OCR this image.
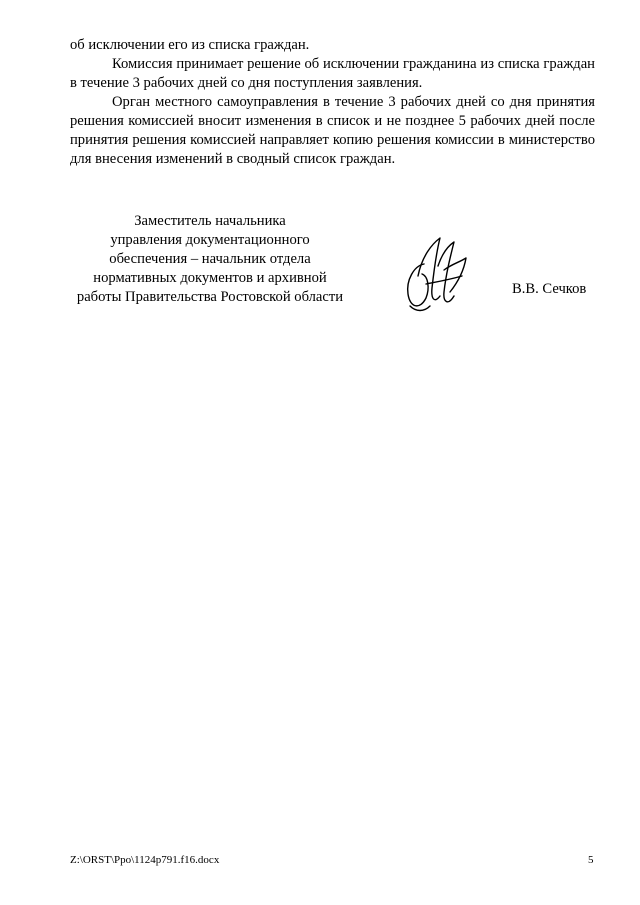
об исключении его из списка граждан.

Комиссия принимает решение об исключении гражданина из списка граждан в течение 3 рабочих дней со дня поступления заявления.

Орган местного самоуправления в течение 3 рабочих дней со дня принятия решения комиссией вносит изменения в список и не позднее 5 рабочих дней после принятия решения комиссией направляет копию решения комиссии в министерство для внесения изменений в сводный список граждан.

Заместитель начальника
управления документационного
обеспечения – начальник отдела
нормативных документов и архивной
работы Правительства Ростовской области	В.В. Сечков
Z:\ORST\Ppo\1124p791.f16.docx	5
